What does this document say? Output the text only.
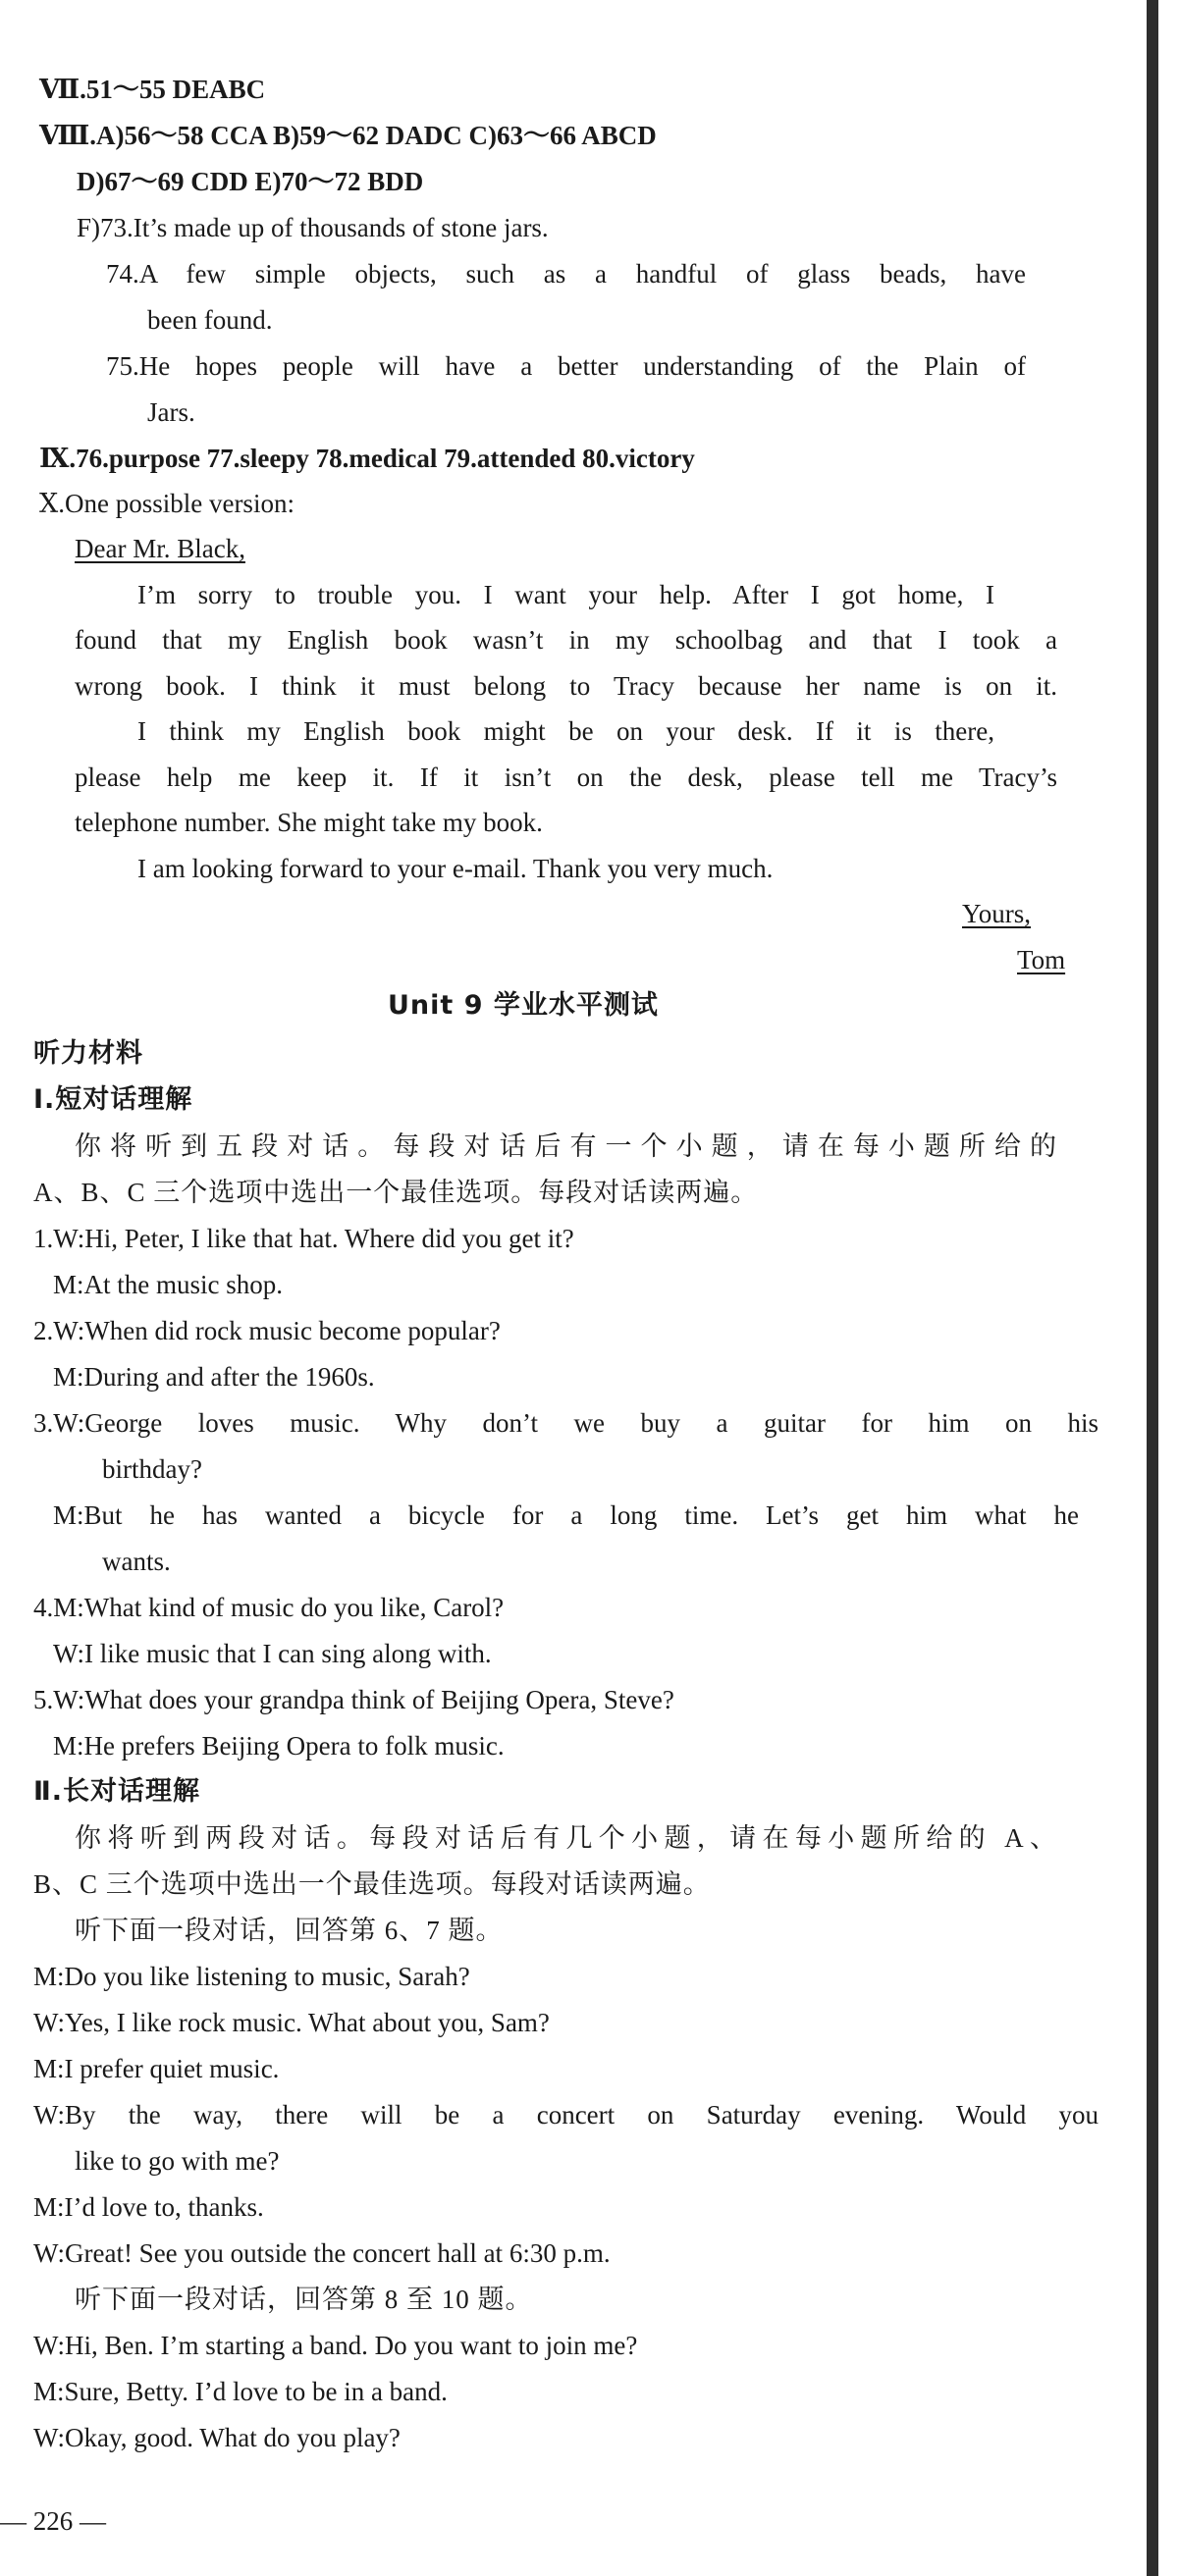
Ⅶ.51～55 DEABC
Ⅷ.A)56～58 CCA B)59～62 DADC C)63～66 ABCD
D)67～69 CDD E)70～72 BDD
F)73.It’s made up of thousands of stone jars.
74.A few simple objects, such as a handful of glass beads, have
been found.
75.He hopes people will have a better understanding of the Plain of
Jars.
Ⅸ.76.purpose 77.sleepy 78.medical 79.attended 80.victory
Ⅹ.One possible version:
Dear Mr. Black,
I’m sorry to trouble you. I want your help. After I got home, I
found that my English book wasn’t in my schoolbag and that I took a
wrong book. I think it must belong to Tracy because her name is on it.
I think my English book might be on your desk. If it is there,
please help me keep it. If it isn’t on the desk, please tell me Tracy’s
telephone number. She might take my book.
I am looking forward to your e-mail. Thank you very much.
Yours,
Tom
Unit 9 学业水平测试
听力材料
Ⅰ.短对话理解
你将听到五段对话。每段对话后有一个小题，请在每小题所给的
A、B、C 三个选项中选出一个最佳选项。每段对话读两遍。
1.W:Hi, Peter, I like that hat. Where did you get it?
M:At the music shop.
2.W:When did rock music become popular?
M:During and after the 1960s.
3.W:George loves music. Why don’t we buy a guitar for him on his
birthday?
M:But he has wanted a bicycle for a long time. Let’s get him what he
wants.
4.M:What kind of music do you like, Carol?
W:I like music that I can sing along with.
5.W:What does your grandpa think of Beijing Opera, Steve?
M:He prefers Beijing Opera to folk music.
Ⅱ.长对话理解
你将听到两段对话。每段对话后有几个小题，请在每小题所给的 A、
B、C 三个选项中选出一个最佳选项。每段对话读两遍。
听下面一段对话，回答第 6、7 题。
M:Do you like listening to music, Sarah?
W:Yes, I like rock music. What about you, Sam?
M:I prefer quiet music.
W:By the way, there will be a concert on Saturday evening. Would you
like to go with me?
M:I’d love to, thanks.
W:Great! See you outside the concert hall at 6:30 p.m.
听下面一段对话，回答第 8 至 10 题。
W:Hi, Ben. I’m starting a band. Do you want to join me?
M:Sure, Betty. I’d love to be in a band.
W:Okay, good. What do you play?
— 226 —
